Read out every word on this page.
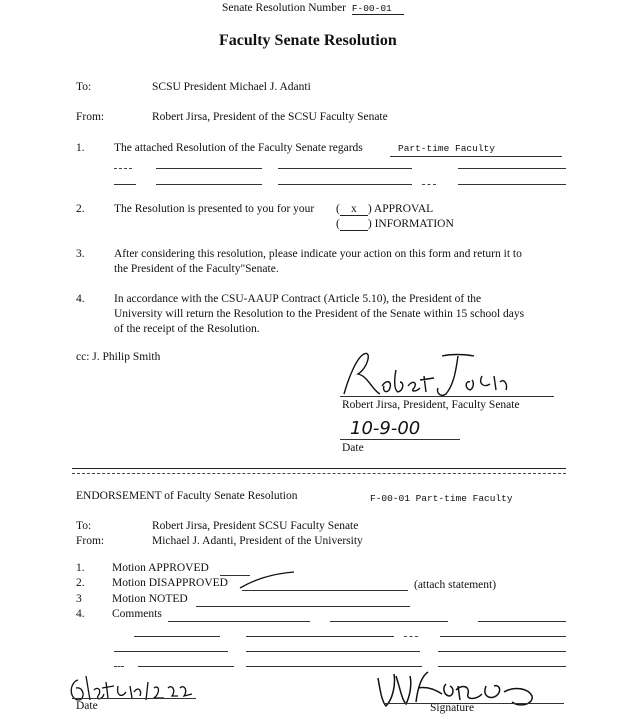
Senate Resolution Number F-00-01
Faculty Senate Resolution
To:	SCSU President Michael J. Adanti
From:	Robert Jirsa, President of the SCSU Faculty Senate
1.	The attached Resolution of the Faculty Senate regards	Part-time Faculty
2.	The Resolution is presented to you for your ( x ) APPROVAL
( ) INFORMATION
3.	After considering this resolution, please indicate your action on this form and return it to
the President of the Faculty"Senate.
4.	In accordance with the CSU-AAUP Contract (Article 5.10), the President of the
University will return the Resolution to the President of the Senate within 15 school days
of the receipt of the Resolution.
cc: J. Philip Smith
Robert Jirsa, President, Faculty Senate
10-9-00
Date
ENDORSEMENT of Faculty Senate Resolution	F-00-01 Part-time Faculty
To:	Robert Jirsa, President SCSU Faculty Senate
From:	Michael J. Adanti, President of the University
1. Motion APPROVED
2. Motion DISAPPROVED	(attach statement)
3	Motion NOTED
4. Comments
Date	Signature
